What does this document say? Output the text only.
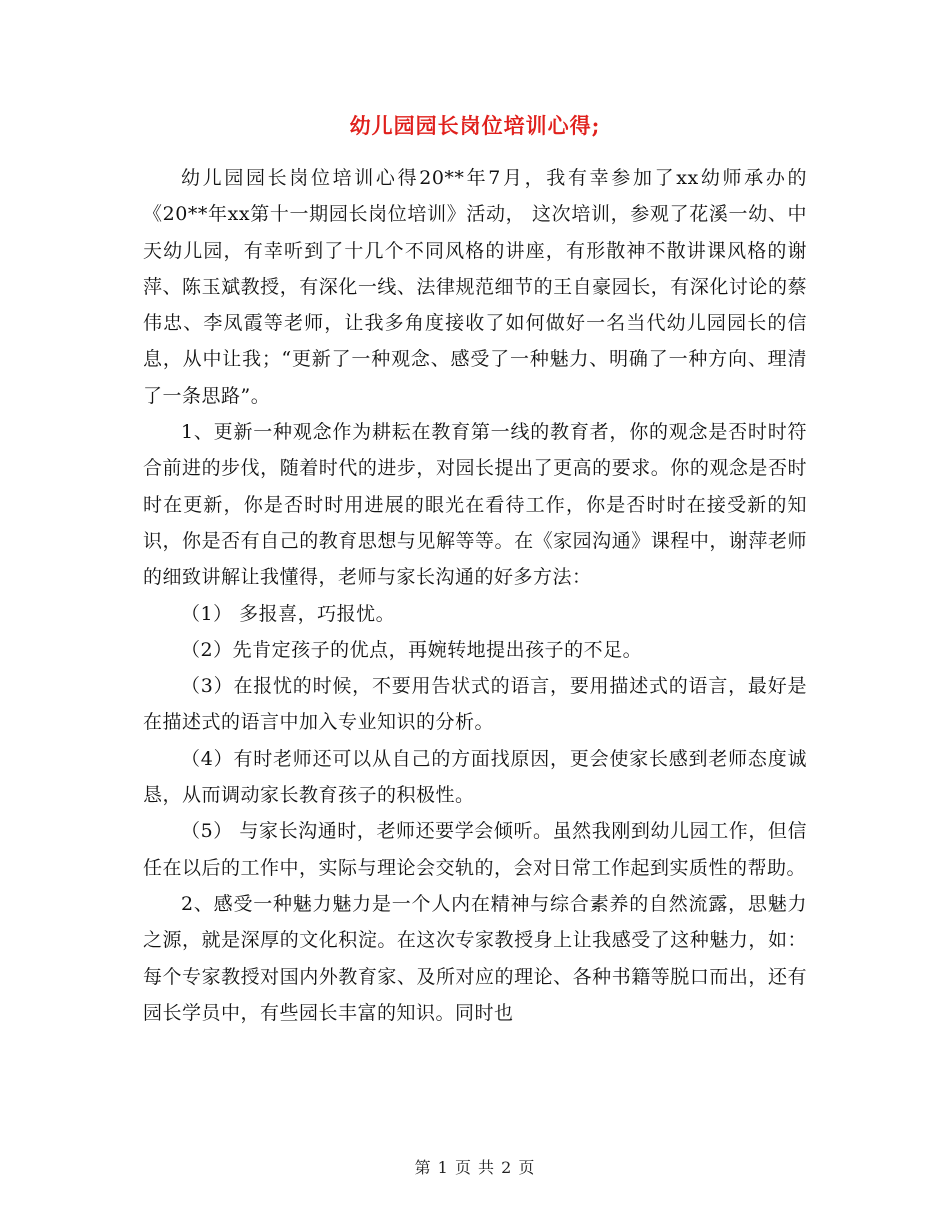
幼儿园园长岗位培训心得;

幼儿园园长岗位培训心得20**年7月，我有幸参加了xx幼师承办的《20**年xx第十一期园长岗位培训》活动， 这次培训，参观了花溪一幼、中天幼儿园，有幸听到了十几个不同风格的讲座，有形散神不散讲课风格的谢萍、陈玉斌教授，有深化一线、法律规范细节的王自豪园长，有深化讨论的蔡伟忠、李凤霞等老师，让我多角度接收了如何做好一名当代幼儿园园长的信息，从中让我；“更新了一种观念、感受了一种魅力、明确了一种方向、理清了一条思路”。

1、更新一种观念作为耕耘在教育第一线的教育者，你的观念是否时时符合前进的步伐，随着时代的进步，对园长提出了更高的要求。你的观念是否时时在更新，你是否时时用进展的眼光在看待工作，你是否时时在接受新的知识，你是否有自己的教育思想与见解等等。在《家园沟通》课程中，谢萍老师的细致讲解让我懂得，老师与家长沟通的好多方法：

（1） 多报喜，巧报忧。

（2）先肯定孩子的优点，再婉转地提出孩子的不足。

（3）在报忧的时候，不要用告状式的语言，要用描述式的语言，最好是在描述式的语言中加入专业知识的分析。

（4）有时老师还可以从自己的方面找原因，更会使家长感到老师态度诚恳，从而调动家长教育孩子的积极性。

（5） 与家长沟通时，老师还要学会倾听。虽然我刚到幼儿园工作，但信任在以后的工作中，实际与理论会交轨的，会对日常工作起到实质性的帮助。

2、感受一种魅力魅力是一个人内在精神与综合素养的自然流露，思魅力之源，就是深厚的文化积淀。在这次专家教授身上让我感受了这种魅力，如：每个专家教授对国内外教育家、及所对应的理论、各种书籍等脱口而出，还有园长学员中，有些园长丰富的知识。同时也

第 1 页 共 2 页
